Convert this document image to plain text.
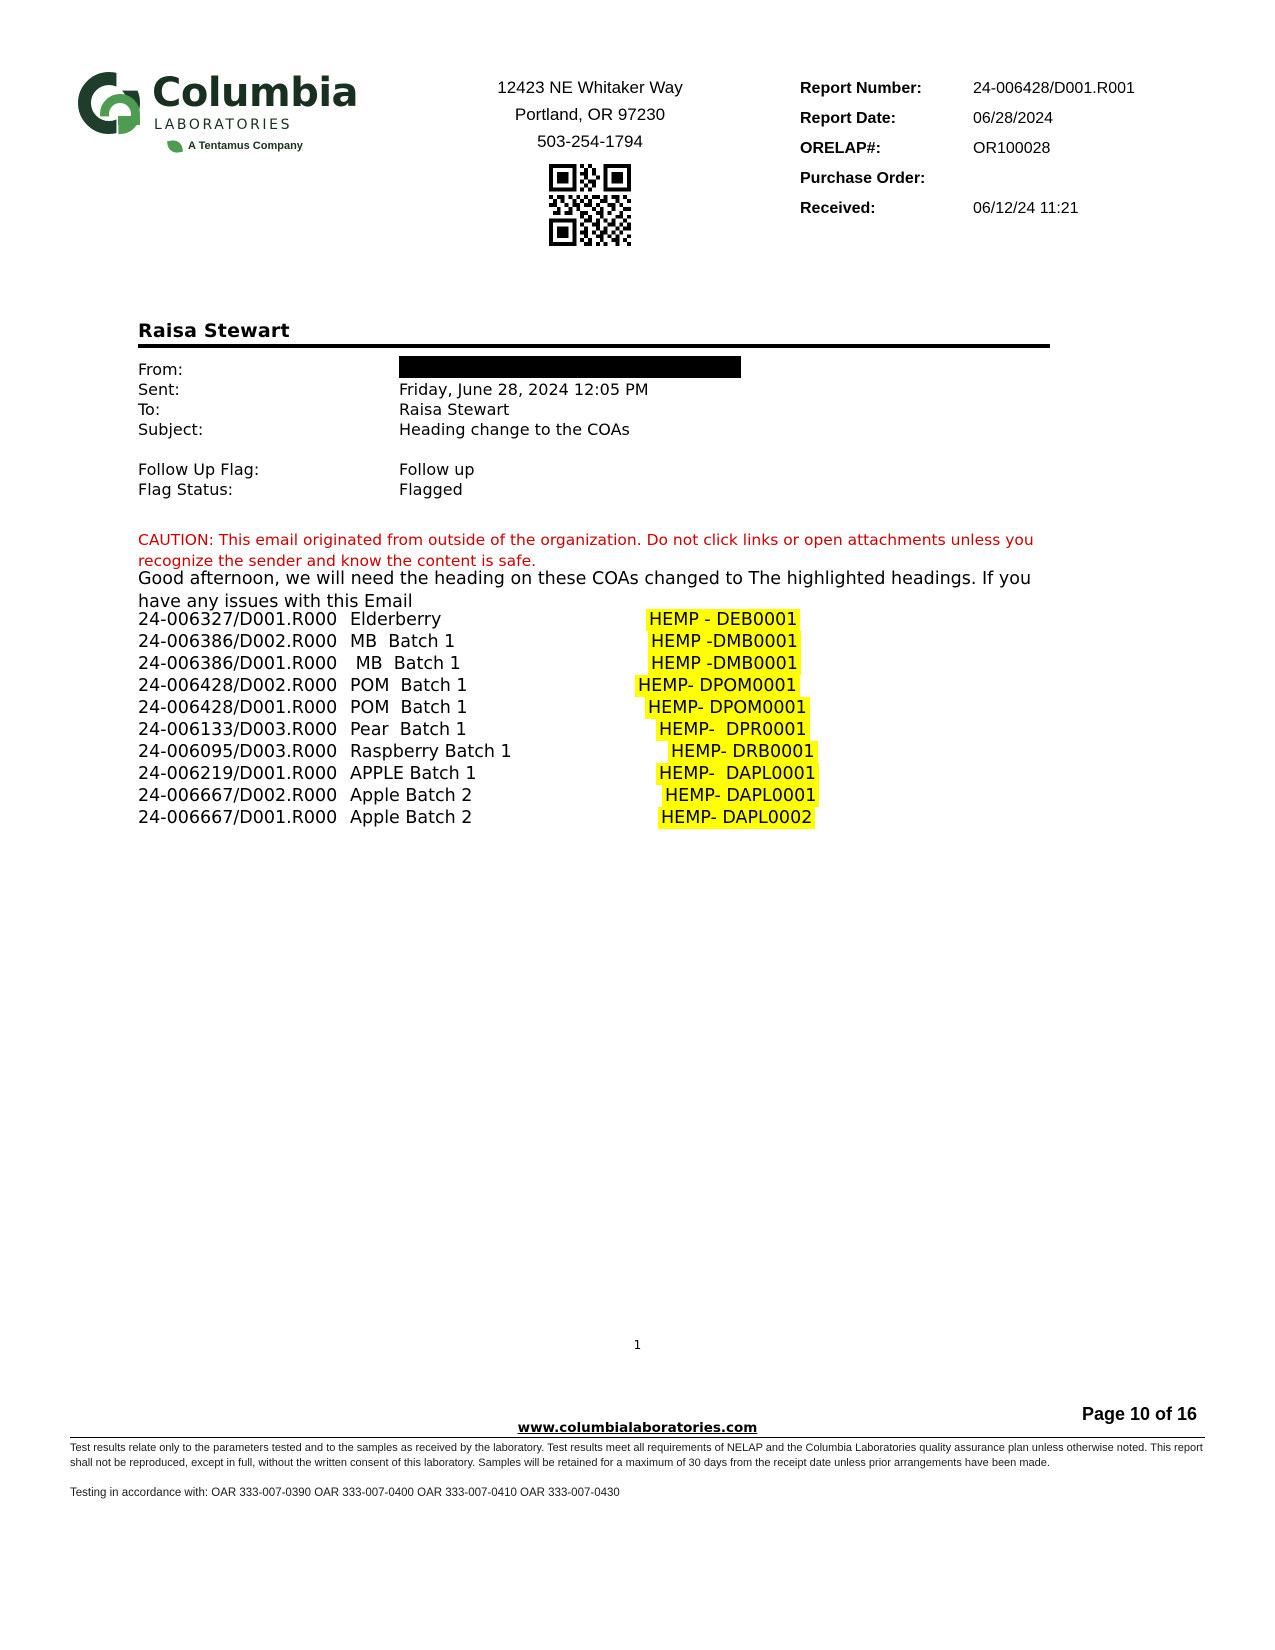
Columbia
LABORATORIES
A Tentamus Company
12423 NE Whitaker Way
Portland, OR 97230
503-254-1794
Report Number:	24-006428/D001.R001
Report Date:	06/28/2024
ORELAP#:	OR100028
Purchase Order:
Received:	06/12/24 11:21
Raisa Stewart
From:
Sent:	Friday, June 28, 2024 12:05 PM
To:	Raisa Stewart
Subject:	Heading change to the COAs
Follow Up Flag:	Follow up
Flag Status:	Flagged
CAUTION: This email originated from outside of the organization. Do not click links or open attachments unless you recognize the sender and know the content is safe.
Good afternoon, we will need the heading on these COAs changed to The highlighted headings. If you have any issues with this Email
24-006327/D001.R000 Elderberry	HEMP - DEB0001
24-006386/D002.R000 MB  Batch 1	HEMP -DMB0001
24-006386/D001.R000 MB  Batch 1	HEMP -DMB0001
24-006428/D002.R000 POM  Batch 1	HEMP- DPOM0001
24-006428/D001.R000 POM  Batch 1	HEMP- DPOM0001
24-006133/D003.R000 Pear  Batch 1	HEMP-  DPR0001
24-006095/D003.R000 Raspberry Batch 1	HEMP- DRB0001
24-006219/D001.R000 APPLE Batch 1	HEMP-  DAPL0001
24-006667/D002.R000 Apple Batch 2	HEMP- DAPL0001
24-006667/D001.R000 Apple Batch 2	HEMP- DAPL0002
1
Page 10 of 16
www.columbialaboratories.com
Test results relate only to the parameters tested and to the samples as received by the laboratory. Test results meet all requirements of NELAP and the Columbia Laboratories quality assurance plan unless otherwise noted. This report shall not be reproduced, except in full, without the written consent of this laboratory. Samples will be retained for a maximum of 30 days from the receipt date unless prior arrangements have been made.
Testing in accordance with: OAR 333-007-0390 OAR 333-007-0400 OAR 333-007-0410 OAR 333-007-0430
